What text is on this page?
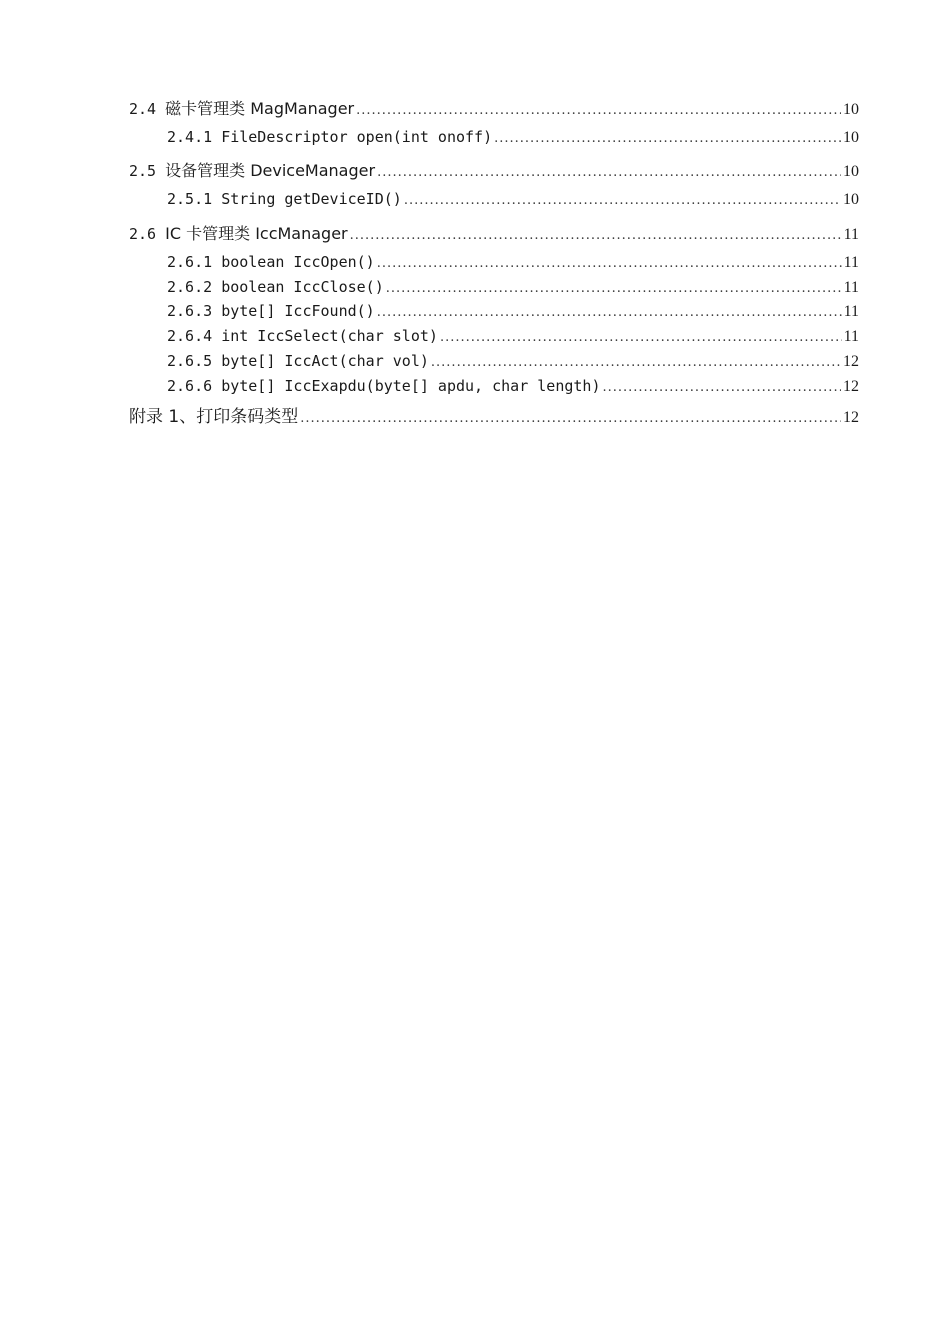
2.4 磁卡管理类 MagManager .....	10
2.4.1 FileDescriptor open(int onoff) .....	10
2.5 设备管理类 DeviceManager .....	10
2.5.1 String getDeviceID() .....	10
2.6 IC 卡管理类 IccManager .....	11
2.6.1 boolean IccOpen() .....	11
2.6.2 boolean IccClose() .....	11
2.6.3 byte[] IccFound() .....	11
2.6.4 int IccSelect(char slot) .....	11
2.6.5 byte[] IccAct(char vol) .....	12
2.6.6 byte[] IccExapdu(byte[] apdu, char length) .....	12
附录 1、打印条码类型 .....	12
